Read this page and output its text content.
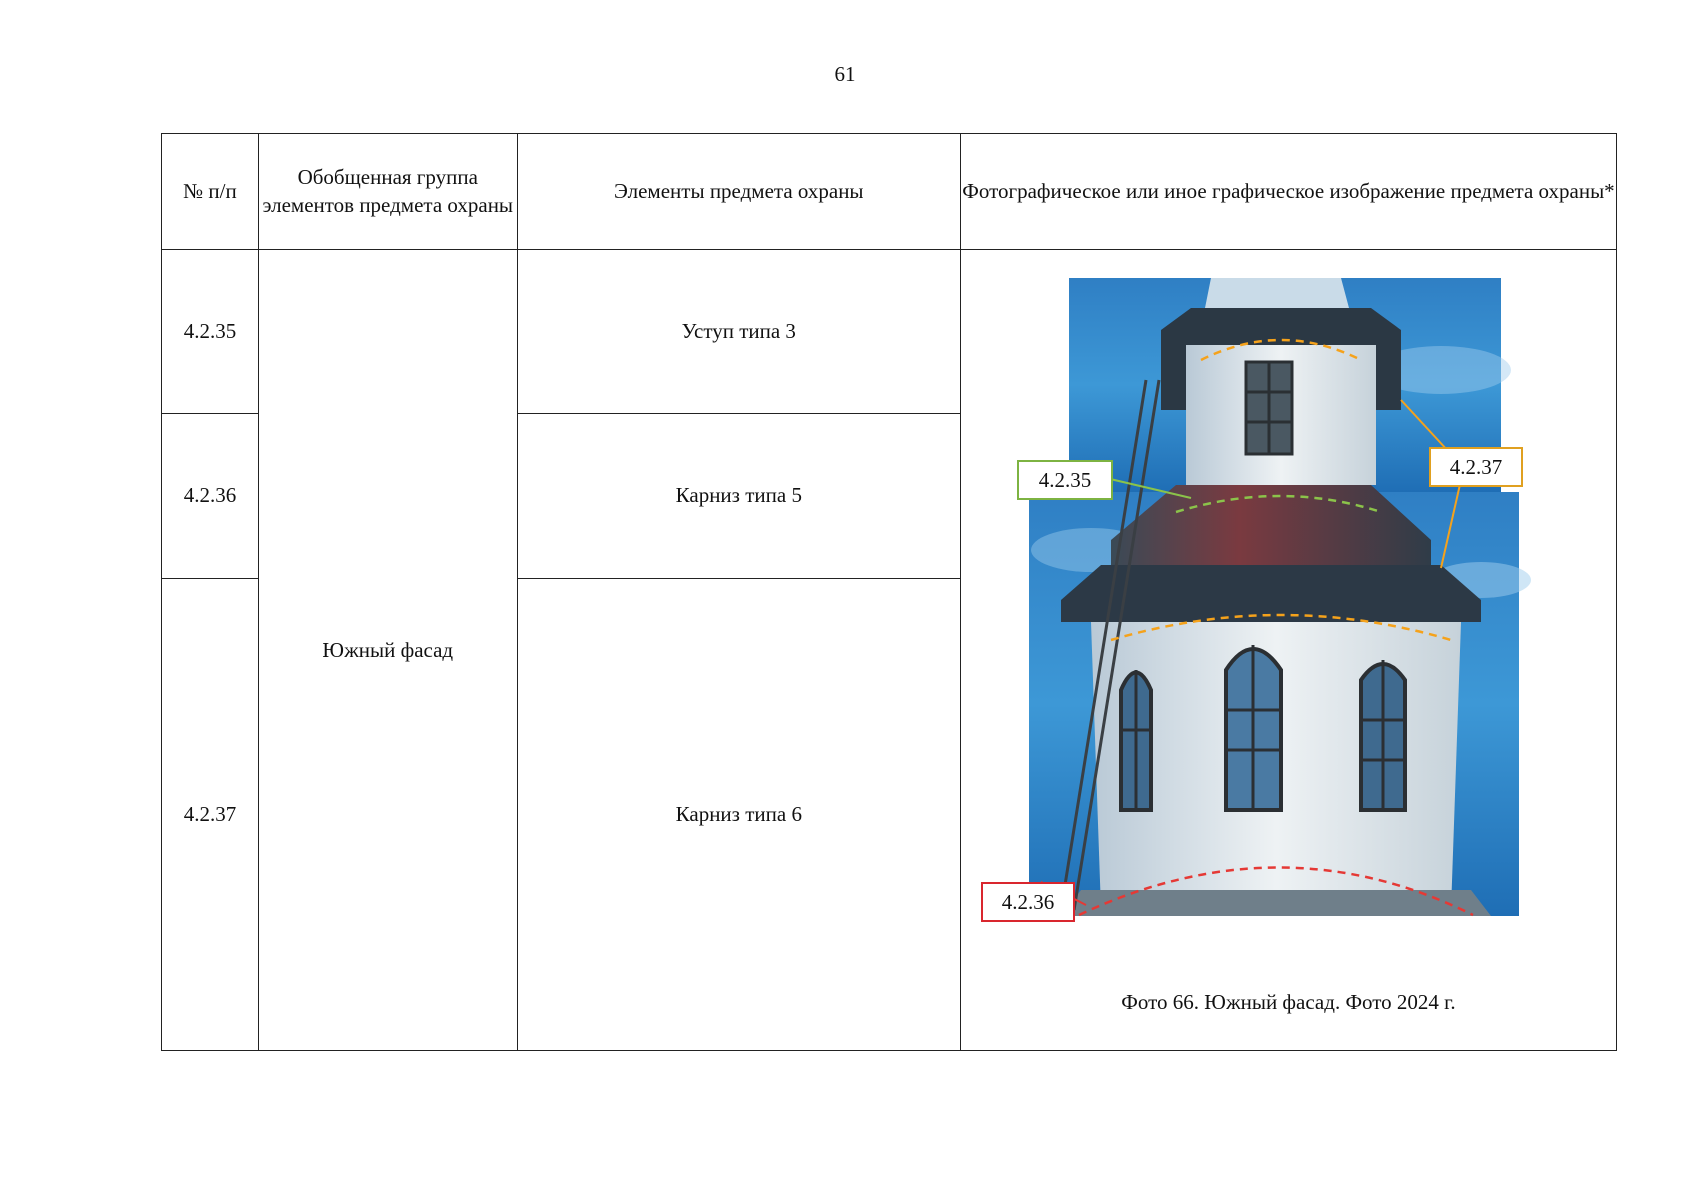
61
№ п/п	Обобщенная группа элементов предмета охраны	Элементы предмета охраны	Фотографическое или иное графическое изображение предмета охраны*
4.2.35	Южный фасад	Уступ типа 3	4.2.35
4.2.37
4.2.36
Фото 66. Южный фасад. Фото 2024 г.

4.2.36		Карниз типа 5	
4.2.37		Карниз типа 6	
